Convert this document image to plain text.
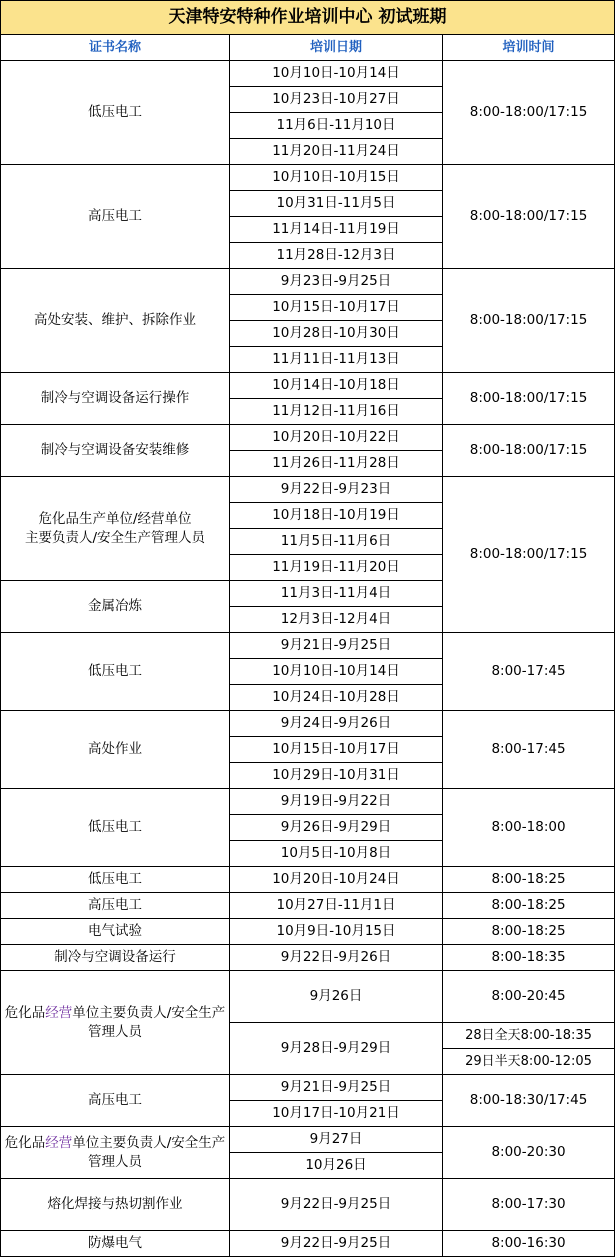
天津特安特种作业培训中心 初试班期		
证书名称	培训日期	培训时间
低压电工	10月10日-10月14日	8:00-18:00/17:15
	10月23日-10月27日	
	11月6日-11月10日	
	11月20日-11月24日	
高压电工	10月10日-10月15日	8:00-18:00/17:15
	10月31日-11月5日	
	11月14日-11月19日	
	11月28日-12月3日	
高处安装、维护、拆除作业	9月23日-9月25日	8:00-18:00/17:15
	10月15日-10月17日	
	10月28日-10月30日	
	11月11日-11月13日	
制冷与空调设备运行操作	10月14日-10月18日	8:00-18:00/17:15
	11月12日-11月16日	
制冷与空调设备安装维修	10月20日-10月22日	8:00-18:00/17:15
	11月26日-11月28日	

危化品生产单位/经营单位
主要负责人/安全生产管理人员	9月22日-9月23日	8:00-18:00/17:15
	10月18日-10月19日	
	11月5日-11月6日	
	11月19日-11月20日	
金属冶炼	11月3日-11月4日	
	12月3日-12月4日	
低压电工	9月21日-9月25日	8:00-17:45
	10月10日-10月14日	
	10月24日-10月28日	
高处作业	9月24日-9月26日	8:00-17:45
	10月15日-10月17日	
	10月29日-10月31日	
低压电工	9月19日-9月22日	8:00-18:00
	9月26日-9月29日	
	10月5日-10月8日	
低压电工	10月20日-10月24日	8:00-18:25
高压电工	10月27日-11月1日	8:00-18:25
电气试验	10月9日-10月15日	8:00-18:25
制冷与空调设备运行	9月22日-9月26日	8:00-18:35
危化品经营单位主要负责人/安全生产管理人员	9月26日	8:00-20:45
	9月28日-9月29日	28日全天8:00-18:35
		29日半天8:00-12:05
高压电工	9月21日-9月25日	8:00-18:30/17:45
	10月17日-10月21日	
危化品经营单位主要负责人/安全生产管理人员	9月27日	8:00-20:30
	10月26日	
熔化焊接与热切割作业	9月22日-9月25日	8:00-17:30
防爆电气	9月22日-9月25日	8:00-16:30
